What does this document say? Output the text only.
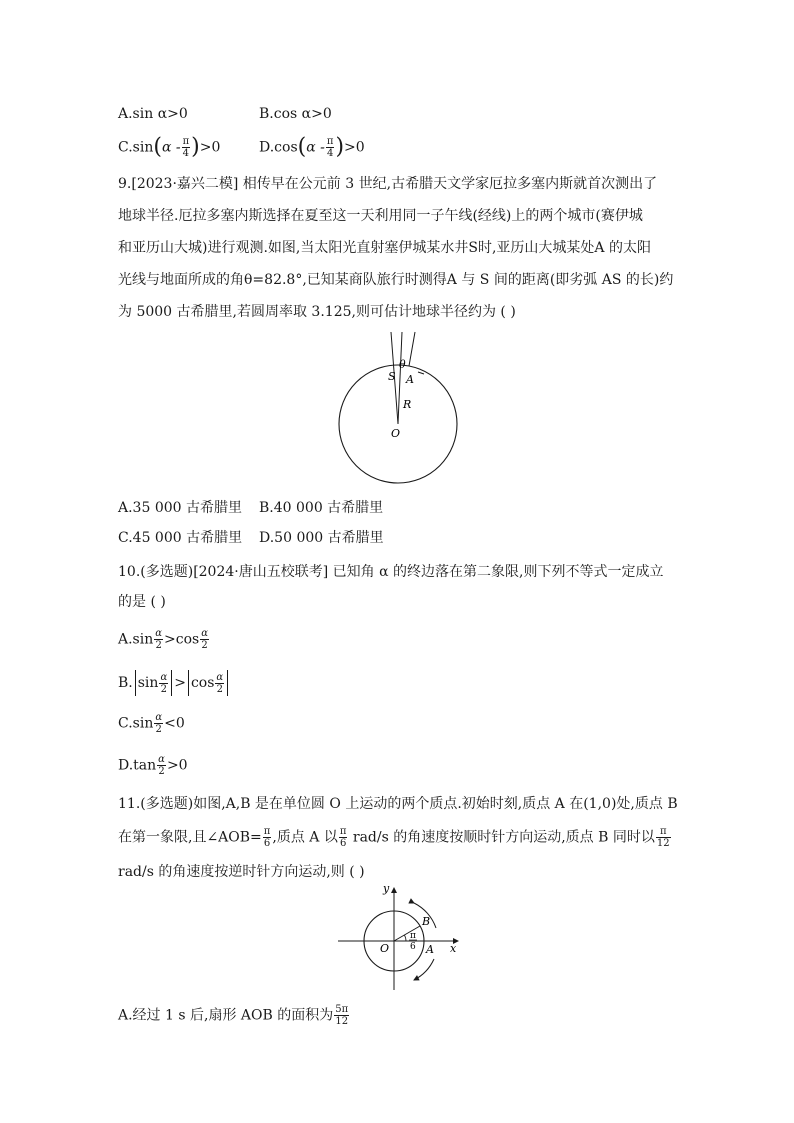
A.sin α>0	B.cos α>0
$C.\sin(\alpha - \frac{\pi}{4} )>0$	$D.\cos(\alpha - \frac{\pi}{4} )>0$
9.[2023·嘉兴二模] 相传早在公元前 3 世纪,古希腊天文学家厄拉多塞内斯就首次测出了
地球半径.厄拉多塞内斯选择在夏至这一天利用同一子午线(经线)上的两个城市(赛伊城
和亚历山大城)进行观测.如图,当太阳光直射塞伊城某水井S时,亚历山大城某处A 的太阳
光线与地面所成的角θ=82.8°,已知某商队旅行时测得A 与 S 间的距离(即劣弧 AS 的长)约
为 5000 古希腊里,若圆周率取 3.125,则可估计地球半径约为 ( )
θ
S A
R
O
A.35 000 古希腊里 B.40 000 古希腊里
C.45 000 古希腊里 D.50 000 古希腊里
10.(多选题)[2024·唐山五校联考] 已知角 α 的终边落在第二象限,则下列不等式一定成立
的是 ( )
$A.\sin \frac{\alpha}{2} >\cos \frac{\alpha}{2}$
B. $\sin \frac{\alpha}{2} > \cos \frac{\alpha}{2}$
$C.\sin \frac{\alpha}{2} <0$
$D.\tan \frac{\alpha}{2} >0$
11.(多选题)如图,A,B 是在单位圆 O 上运动的两个质点.初始时刻,质点 A 在(1,0)处,质点 B
在第一象限,且∠AOB= $\frac{\pi}{6}$ ,质点 A 以 $\frac{\pi}{6} rad/s$ 的角速度按顺时针方向运动,质点 B 同时以 $\frac{\pi}{12}$
rad/s 的角速度按逆时针方向运动,则 ( )
y
x
O
B
A
π
6
A.经过 1 s 后,扇形 AOB 的面积为 $\frac{5\pi}{12}$
